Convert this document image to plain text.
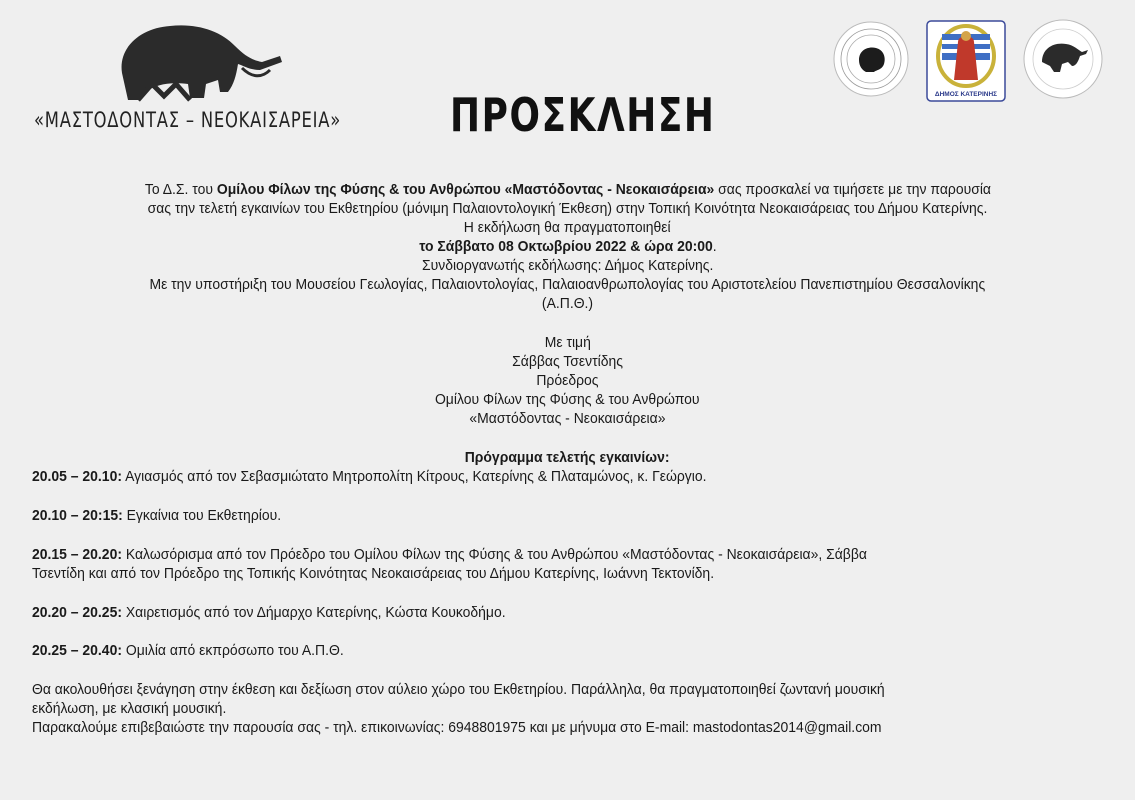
«ΜΑΣΤΟΔΟΝΤΑΣ – ΝΕΟΚΑΙΣΑΡΕΙΑ» ΠΡΟΣΚΛΗΣΗ	ΔΗΜΟΣ ΚΑΤΕΡΙΝΗΣ
Το Δ.Σ. του Ομίλου Φίλων της Φύσης & του Ανθρώπου «Μαστόδοντας - Νεοκαισάρεια» σας προσκαλεί να τιμήσετε με την παρουσία
σας την τελετή εγκαινίων του Εκθετηρίου (μόνιμη Παλαιοντολογική Έκθεση) στην Τοπική Κοινότητα Νεοκαισάρειας του Δήμου Κατερίνης.
Η εκδήλωση θα πραγματοποιηθεί
το Σάββατο 08 Οκτωβρίου 2022 & ώρα 20:00.
Συνδιοργανωτής εκδήλωσης: Δήμος Κατερίνης.
Με την υποστήριξη του Μουσείου Γεωλογίας, Παλαιοντολογίας, Παλαιοανθρωπολογίας του Αριστοτελείου Πανεπιστημίου Θεσσαλονίκης
(Α.Π.Θ.)
Με τιμή
Σάββας Τσεντίδης
Πρόεδρος
Ομίλου Φίλων της Φύσης & του Ανθρώπου
«Μαστόδοντας - Νεοκαισάρεια»
Πρόγραμμα τελετής εγκαινίων:
20.05 – 20.10: Αγιασμός από τον Σεβασμιώτατο Μητροπολίτη Κίτρους, Κατερίνης & Πλαταμώνος, κ. Γεώργιο.
20.10 – 20:15: Εγκαίνια του Εκθετηρίου.
20.15 – 20.20: Καλωσόρισμα από τον Πρόεδρο του Ομίλου Φίλων της Φύσης & του Ανθρώπου «Μαστόδοντας - Νεοκαισάρεια», Σάββα
Τσεντίδη και από τον Πρόεδρο της Τοπικής Κοινότητας Νεοκαισάρειας του Δήμου Κατερίνης, Ιωάννη Τεκτονίδη.
20.20 – 20.25: Χαιρετισμός από τον Δήμαρχο Κατερίνης, Κώστα Κουκοδήμο.
20.25 – 20.40: Ομιλία από εκπρόσωπο του Α.Π.Θ.
Θα ακολουθήσει ξενάγηση στην έκθεση και δεξίωση στον αύλειο χώρο του Εκθετηρίου. Παράλληλα, θα πραγματοποιηθεί ζωντανή μουσική
εκδήλωση, με κλασική μουσική.
Παρακαλούμε επιβεβαιώστε την παρουσία σας - τηλ. επικοινωνίας: 6948801975 και με μήνυμα στο E-mail: mastodontas2014@gmail.com
